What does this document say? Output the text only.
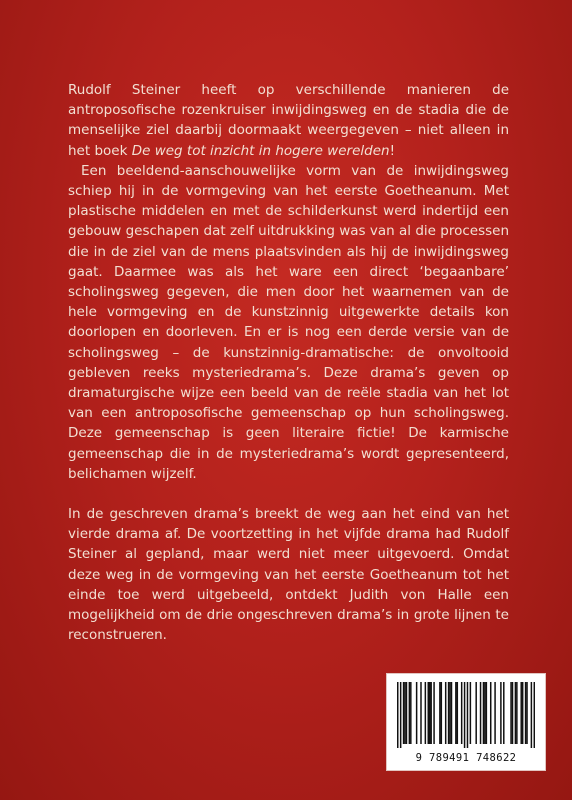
Rudolf Steiner heeft op verschillende manieren de antroposofische rozenkruiser inwijdingsweg en de stadia die de menselijke ziel daarbij doormaakt weergegeven – niet alleen in het boek De weg tot inzicht in hogere werelden!

Een beeldend-aanschouwelijke vorm van de inwijdingsweg schiep hij in de vormgeving van het eerste Goetheanum. Met plastische middelen en met de schilderkunst werd indertijd een gebouw geschapen dat zelf uitdrukking was van al die processen die in de ziel van de mens plaatsvinden als hij de inwijdingsweg gaat. Daarmee was als het ware een direct ‘begaanbare’ scholingsweg gegeven, die men door het waarnemen van de hele vormgeving en de kunstzinnig uitgewerkte details kon doorlopen en doorleven. En er is nog een derde versie van de scholingsweg – de kunstzinnig-dramatische: de onvoltooid gebleven reeks mysteriedrama’s. Deze drama’s geven op dramaturgische wijze een beeld van de reële stadia van het lot van een antroposofische gemeenschap op hun scholingsweg. Deze gemeenschap is geen literaire fictie! De karmische gemeenschap die in de mysteriedrama’s wordt gepresenteerd, belichamen wijzelf.

In de geschreven drama’s breekt de weg aan het eind van het vierde drama af. De voortzetting in het vijfde drama had Rudolf Steiner al gepland, maar werd niet meer uitgevoerd. Omdat deze weg in de vormgeving van het eerste Goetheanum tot het einde toe werd uitgebeeld, ontdekt Judith von Halle een mogelijkheid om de drie ongeschreven drama’s in grote lijnen te reconstrueren.

9 789491 748622
